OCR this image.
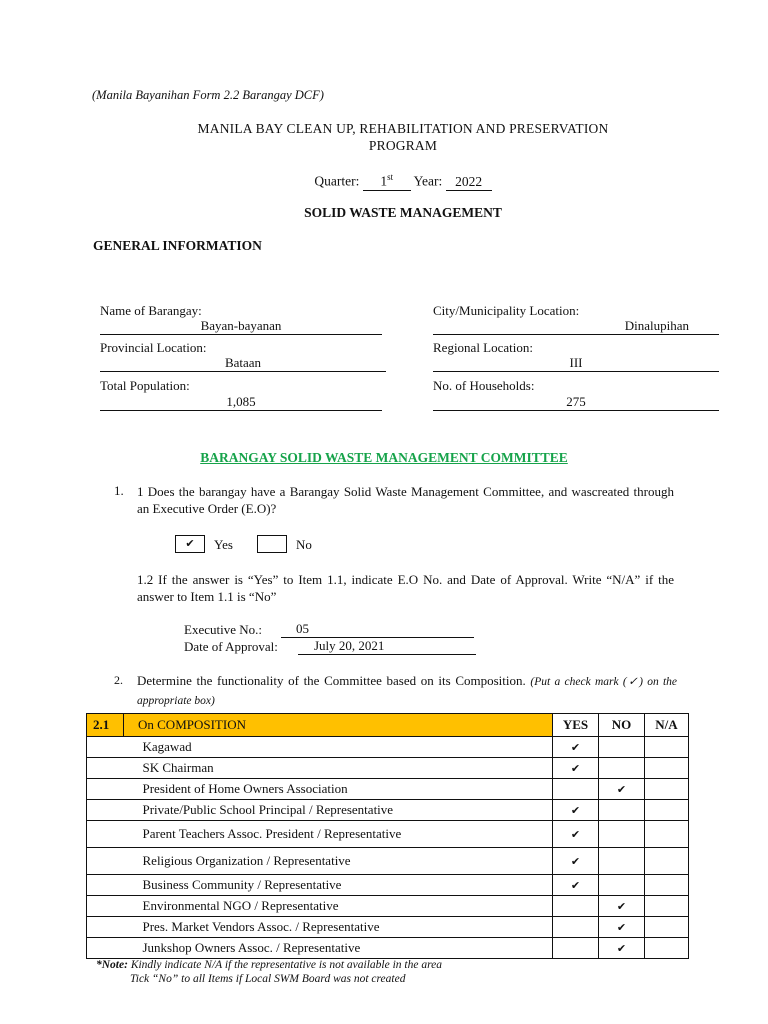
(Manila Bayanihan Form 2.2 Barangay DCF)
MANILA BAY CLEAN UP, REHABILITATION AND PRESERVATION
PROGRAM
Quarter: 1st Year: 2022
SOLID WASTE MANAGEMENT
GENERAL INFORMATION
Name of Barangay:
Bayan-bayanan
City/Municipality Location:
Dinalupihan
Provincial Location:
Bataan
Regional Location:
III
Total Population:
1,085
No. of Households:
275
BARANGAY SOLID WASTE MANAGEMENT COMMITTEE
1. 1 Does the barangay have a Barangay Solid Waste Management Committee, and wascreated through an Executive Order (E.O)?
✔	Yes	No
1.2 If the answer is “Yes” to Item 1.1, indicate E.O No. and Date of Approval. Write “N/A” if the answer to Item 1.1 is “No”
Executive No.:	05
Date of Approval:	July 20, 2021
2. Determine the functionality of the Committee based on its Composition. (Put a check mark (✓) on the appropriate box)
2.1	On COMPOSITION	YES	NO	N/A
	Kagawad	✔		
	SK Chairman	✔		
	President of Home Owners Association		✔	
	Private/Public School Principal / Representative	✔		
	Parent Teachers Assoc. President / Representative	✔		
	Religious Organization / Representative	✔		
	Business Community / Representative	✔		
	Environmental NGO / Representative		✔	
	Pres. Market Vendors Assoc. / Representative		✔	
	Junkshop Owners Assoc. / Representative		✔	
*Note: Kindly indicate N/A if the representative is not available in the area
Tick “No” to all Items if Local SWM Board was not created
